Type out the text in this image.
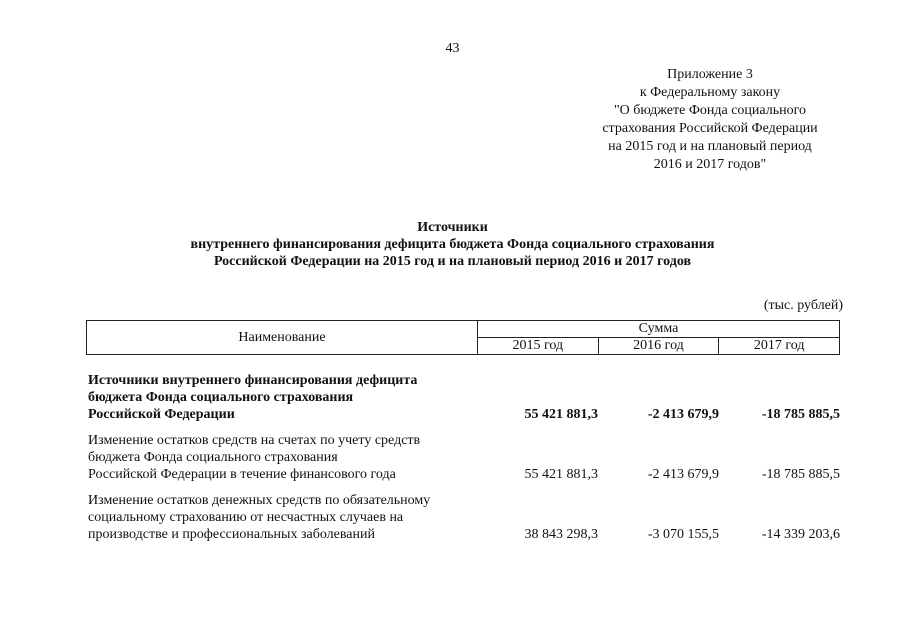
43
Приложение 3
к Федеральному закону
"О бюджете Фонда социального
страхования Российской Федерации
на 2015 год и на плановый период
2016 и 2017 годов"
Источники
внутреннего финансирования дефицита бюджета Фонда социального страхования
Российской Федерации на 2015 год и на плановый период 2016 и 2017 годов
(тыс. рублей)
Наименование	Сумма		
	2015 год	2016 год	2017 год
Источники внутреннего финансирования дефицита
бюджета Фонда социального страхования
Российской Федерации	55 421 881,3	-2 413 679,9	-18 785 885,5
Изменение остатков средств на счетах по учету средств
бюджета Фонда социального страхования
Российской Федерации в течение финансового года	55 421 881,3	-2 413 679,9	-18 785 885,5
Изменение остатков денежных средств по обязательному
социальному страхованию от несчастных случаев на
производстве и профессиональных заболеваний	38 843 298,3	-3 070 155,5	-14 339 203,6
